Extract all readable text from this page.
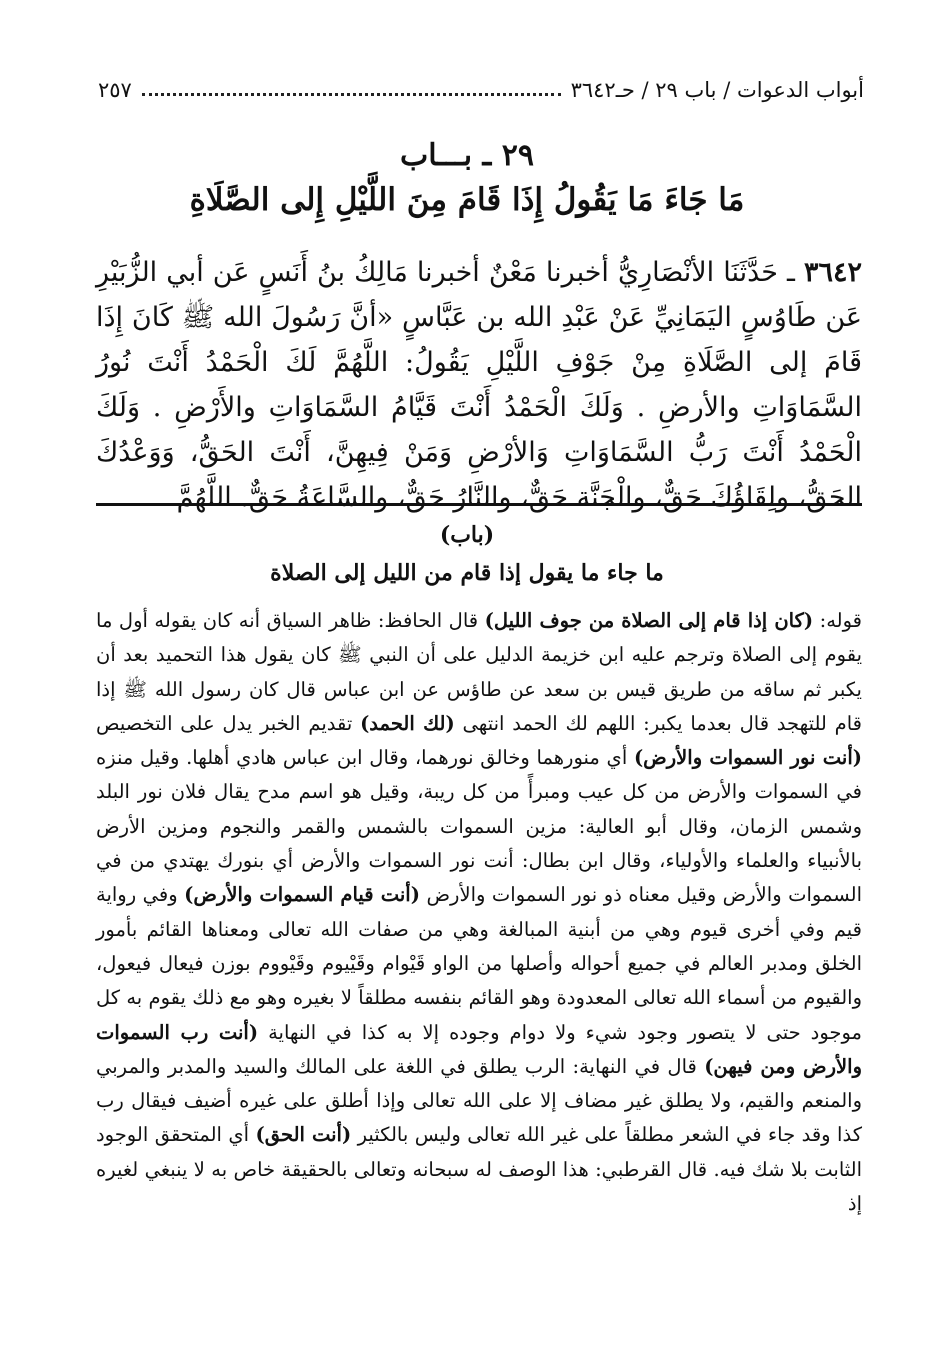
أبواب الدعوات / باب ٢٩ / حـ٣٦٤٢
٢٥٧
٢٩ ـ بـــاب
مَا جَاءَ مَا يَقُولُ إِذَا قَامَ مِنَ اللَّيْلِ إِلى الصَّلَاةِ
٣٦٤٢ ـ حَدَّثَنَا الأنْصَارِيُّ أخبرنا مَعْنٌ أخبرنا مَالِكُ بنُ أَنَسٍ عَن أبي الزُّبَيْرِ عَن طَاوُسٍ اليَمَانِيِّ عَنْ عَبْدِ الله بن عَبَّاسٍ «أنَّ رَسُولَ الله ﷺ كَانَ إِذَا قَامَ إلى الصَّلَاةِ مِنْ جَوْفِ اللَّيْلِ يَقُولُ: اللَّهُمَّ لَكَ الْحَمْدُ أَنْتَ نُورُ السَّمَاوَاتِ والأرضِ . وَلَكَ الْحَمْدُ أَنْتَ قَيَّامُ السَّمَاوَاتِ والأَرْضِ . وَلَكَ الْحَمْدُ أَنْتَ رَبُّ السَّمَاوَاتِ وَالأرْضِ وَمَنْ فِيهِنَّ، أَنْتَ الحَقُّ، وَوَعْدُكَ الحَقُّ، ولِقَاؤُكَ حَقٌّ، والْجَنَّة حَقٌّ، والنَّارُ حَقٌّ، والسَّاعَةُ حَقٌّ. اللَّهُمَّ
(باب)
ما جاء ما يقول إذا قام من الليل إلى الصلاة

قوله: (كان إذا قام إلى الصلاة من جوف الليل) قال الحافظ: ظاهر السياق أنه كان يقوله أول ما يقوم إلى الصلاة وترجم عليه ابن خزيمة الدليل على أن النبي ﷺ كان يقول هذا التحميد بعد أن يكبر ثم ساقه من طريق قيس بن سعد عن طاؤس عن ابن عباس قال كان رسول الله ﷺ إذا قام للتهجد قال بعدما يكبر: اللهم لك الحمد انتهى (لك الحمد) تقديم الخبر يدل على التخصيص (أنت نور السموات والأرض) أي منورهما وخالق نورهما، وقال ابن عباس هادي أهلها. وقيل منزه في السموات والأرض من كل عيب ومبرأً من كل ريبة، وقيل هو اسم مدح يقال فلان نور البلد وشمس الزمان، وقال أبو العالية: مزين السموات بالشمس والقمر والنجوم ومزين الأرض بالأنبياء والعلماء والأولياء، وقال ابن بطال: أنت نور السموات والأرض أي بنورك يهتدي من في السموات والأرض وقيل معناه ذو نور السموات والأرض (أنت قيام السموات والأرض) وفي رواية قيم وفي أخرى قيوم وهي من أبنية المبالغة وهي من صفات الله تعالى ومعناها القائم بأمور الخلق ومدبر العالم في جميع أحواله وأصلها من الواو قَيْوام وقَيْيوم وقَيْووم بوزن فيعال فيعول، والقيوم من أسماء الله تعالى المعدودة وهو القائم بنفسه مطلقاً لا بغيره وهو مع ذلك يقوم به كل موجود حتى لا يتصور وجود شيء ولا دوام وجوده إلا به كذا في النهاية (أنت رب السموات والأرض ومن فيهن) قال في النهاية: الرب يطلق في اللغة على المالك والسيد والمدبر والمربي والمنعم والقيم، ولا يطلق غير مضاف إلا على الله تعالى وإذا أطلق على غيره أضيف فيقال رب كذا وقد جاء في الشعر مطلقاً على غير الله تعالى وليس بالكثير (أنت الحق) أي المتحقق الوجود الثابت بلا شك فيه. قال القرطبي: هذا الوصف له سبحانه وتعالى بالحقيقة خاص به لا ينبغي لغيره إذ
